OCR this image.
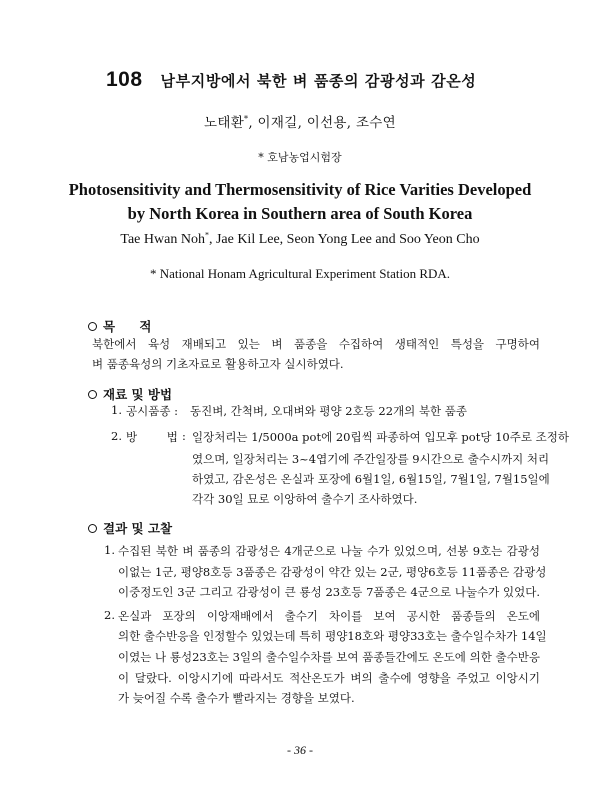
108 남부지방에서 북한 벼 품종의 감광성과 감온성
노태환*, 이재길, 이선용, 조수연
* 호남농업시험장
Photosensitivity and Thermosensitivity of Rice Varities Developed
by North Korea in Southern area of South Korea
Tae Hwan Noh*, Jae Kil Lee, Seon Yong Lee and Soo Yeon Cho
* National Honam Agricultural Experiment Station RDA.
목 적
북한에서 육성 재배되고 있는 벼 품종을 수집하여 생태적인 특성을 구명하여
벼 품종육성의 기초자료로 활용하고자 실시하였다.
재료 및 방법
1. 공시품종 : 동진벼, 간척벼, 오대벼와 평양 2호등 22개의 북한 품종
2. 방 법 : 일장처리는 1/5000a pot에 20립씩 파종하여 입모후 pot당 10주로 조정하
였으며, 일장처리는 3~4엽기에 주간일장를 9시간으로 출수시까지 처리
하였고, 감온성은 온실과 포장에 6월1일, 6월15일, 7월1일, 7월15일에
각각 30일 묘로 이앙하여 출수기 조사하였다.
결과 및 고찰
1. 수집된 북한 벼 품종의 감광성은 4개군으로 나눌 수가 있었으며, 선봉 9호는 감광성
이없는 1군, 평양8호등 3품종은 감광성이 약간 있는 2군, 평양6호등 11품종은 감광성
이중정도인 3군 그리고 감광성이 큰 룡성 23호등 7품종은 4군으로 나눌수가 있었다.
2. 온실과 포장의 이앙재배에서 출수기 차이를 보여 공시한 품종들의 온도에
의한 출수반응을 인정할수 있었는데 특히 평양18호와 평양33호는 출수일수차가 14일
이였는 나 룡성23호는 3일의 출수일수차를 보여 품종들간에도 온도에 의한 출수반응
이 달랐다. 이앙시기에 따라서도 적산온도가 벼의 출수에 영향을 주었고 이앙시기
가 늦어질 수록 출수가 빨라지는 경향을 보였다.
- 36 -
